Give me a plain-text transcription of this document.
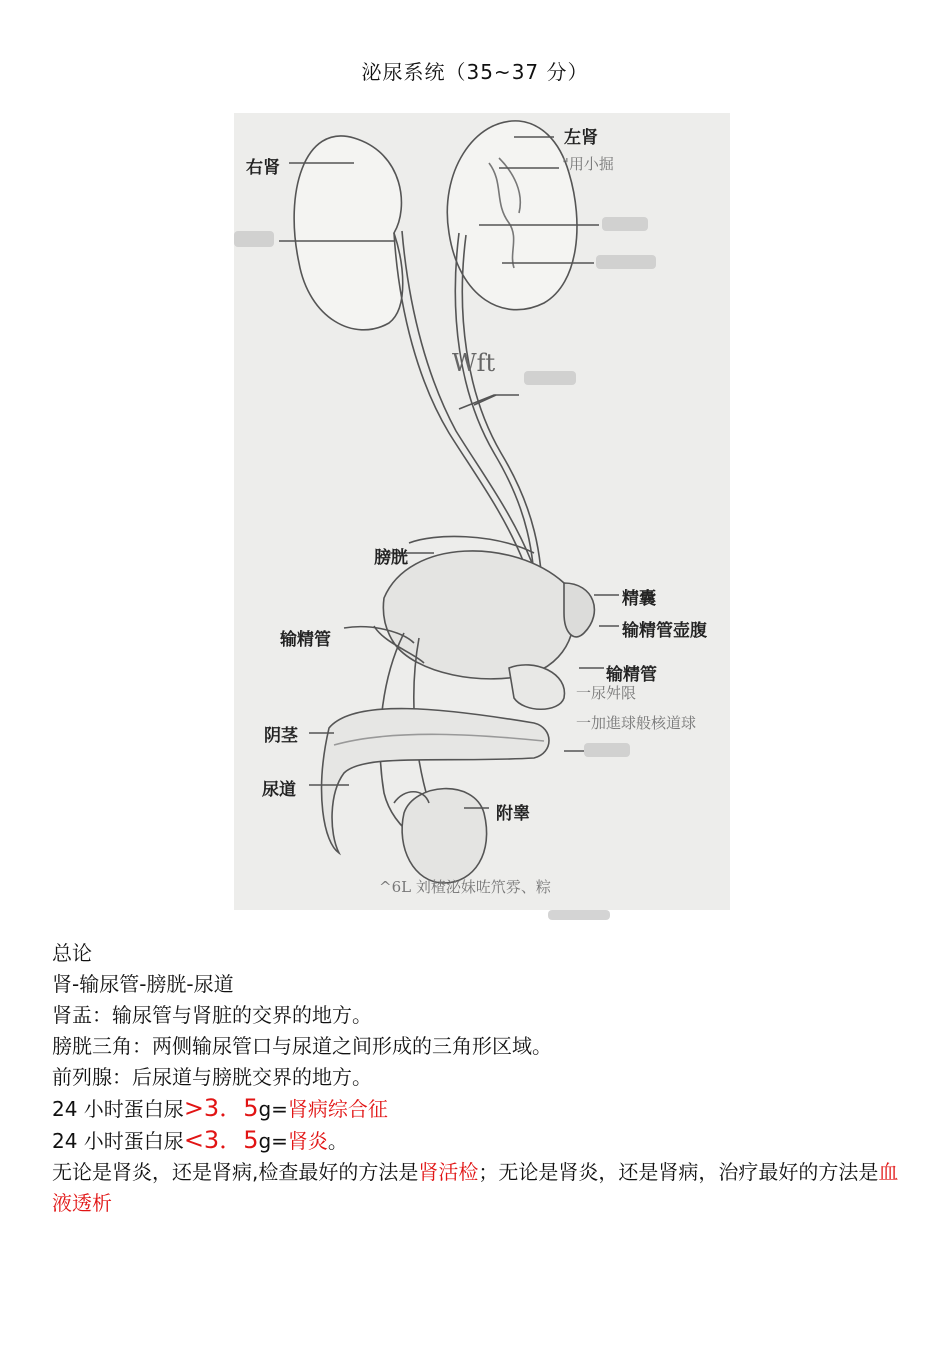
泌尿系统（35~37 分）
右肾
左肾
"用小掘
Wft
膀胱
精囊
输精管壶腹
输精管
输精管
一尿舛限
一加進球般核道球
阴茎
尿道
附睾
^6L 刘楂泌妹咗笊雰、粽
总论
肾-输尿管-膀胱-尿道
肾盂：输尿管与肾脏的交界的地方。
膀胱三角：两侧输尿管口与尿道之间形成的三角形区域。
前列腺：后尿道与膀胱交界的地方。
24 小时蛋白尿>3．5g=肾病综合征
24 小时蛋白尿<3．5g=肾炎。
无论是肾炎，还是肾病,检查最好的方法是肾活检；无论是肾炎，还是肾病，治疗最好的方法是血液透析
